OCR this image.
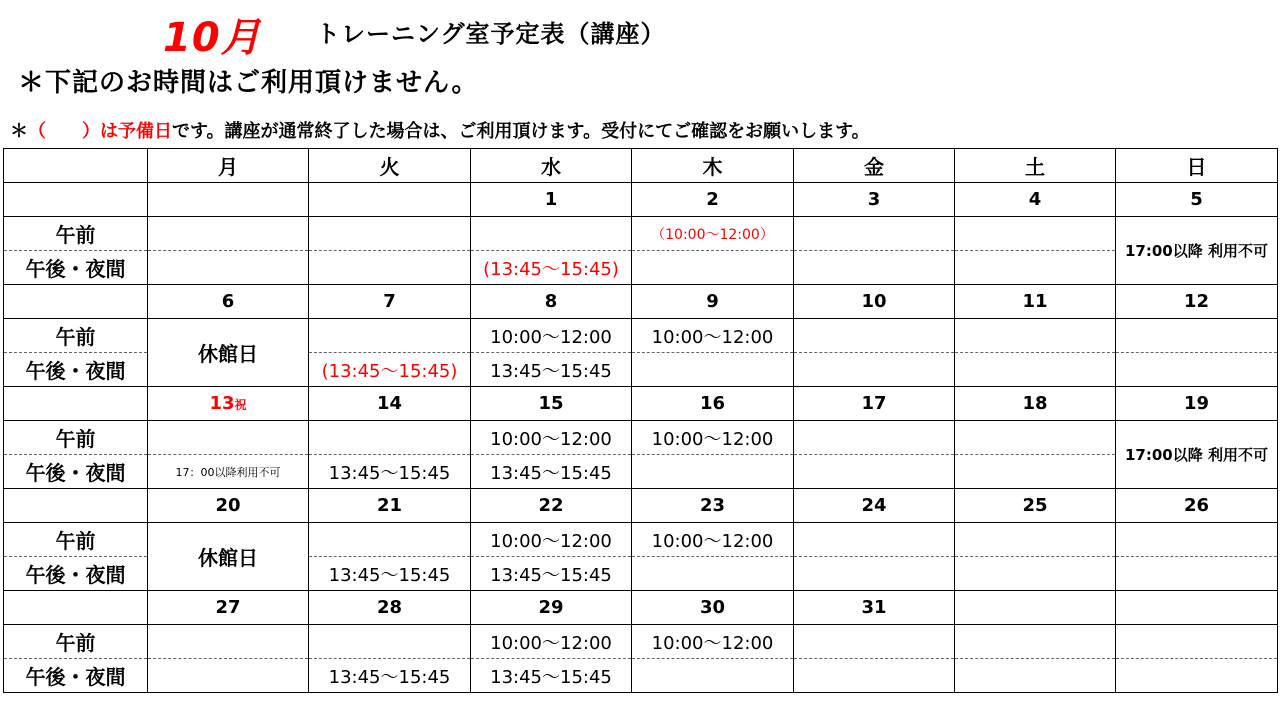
10月 トレーニング室予定表（講座）
＊下記のお時間はご利用頂けません。
＊（　　）は予備日です。講座が通常終了した場合は、ご利用頂けます。受付にてご確認をお願いします。
	月	火	水	木	金	土	日
			1	2	3	4	5
午前				（10:00～12:00）			17:00以降 利用不可
午後・夜間			(13:45～15:45)				
	6	7	8	9	10	11	12
午前	休館日		10:00～12:00	10:00～12:00			
午後・夜間		(13:45～15:45)	13:45～15:45				
	13祝	14	15	16	17	18	19
午前			10:00～12:00	10:00～12:00			17:00以降 利用不可
午後・夜間	17：00以降利用不可	13:45～15:45	13:45～15:45				
	20	21	22	23	24	25	26
午前	休館日		10:00～12:00	10:00～12:00			
午後・夜間		13:45～15:45	13:45～15:45				
	27	28	29	30	31		
午前			10:00～12:00	10:00～12:00			
午後・夜間		13:45～15:45	13:45～15:45				
